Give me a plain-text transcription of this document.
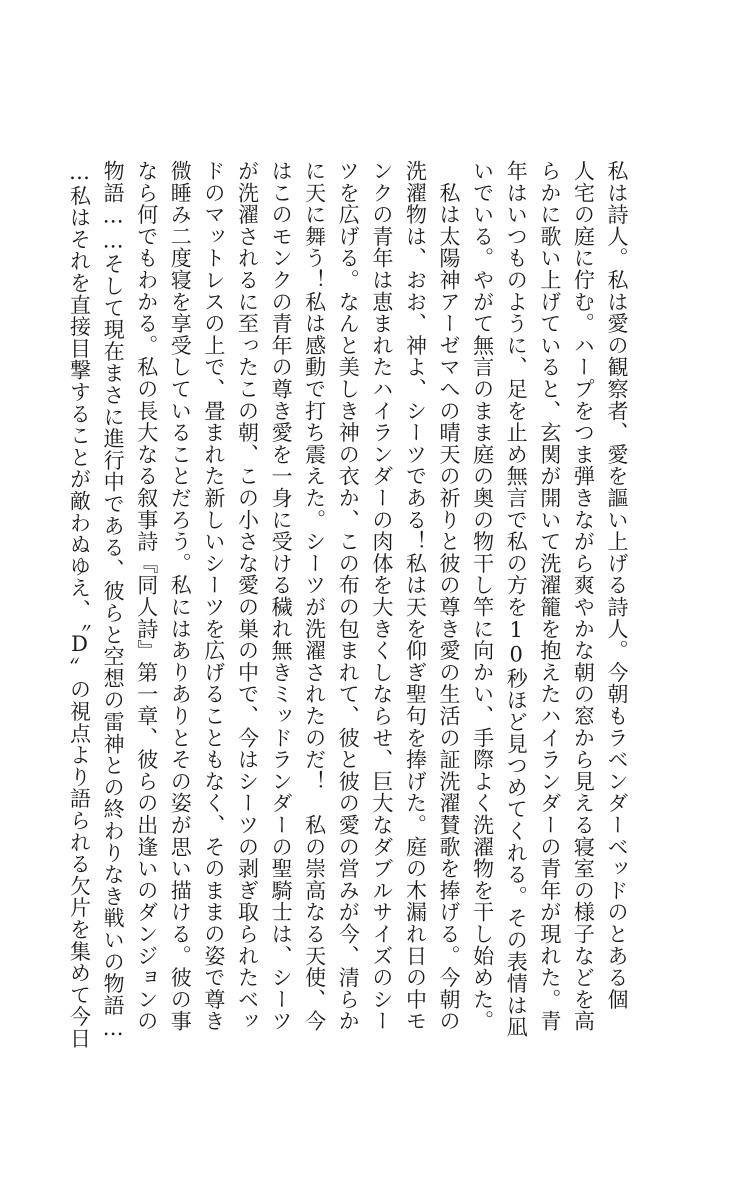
私は詩人。私は愛の観察者、愛を謳い上げる詩人。今朝もラベンダーベッドのとある個
人宅の庭に佇む。ハープをつま弾きながら爽やかな朝の窓から見える寝室の様子などを高
らかに歌い上げていると、玄関が開いて洗濯籠を抱えたハイランダーの青年が現れた。青
年はいつものように、足を止め無言で私の方を10秒ほど見つめてくれる。その表情は凪
いでいる。やがて無言のまま庭の奥の物干し竿に向かい、手際よく洗濯物を干し始めた。
　私は太陽神アーゼマへの晴天の祈りと彼の尊き愛の生活の証洗濯賛歌を捧げる。今朝の
洗濯物は、おお、神よ、シーツである！私は天を仰ぎ聖句を捧げた。庭の木漏れ日の中モ
ンクの青年は恵まれたハイランダーの肉体を大きくしならせ、巨大なダブルサイズのシー
ツを広げる。なんと美しき神の衣か、この布の包まれて、彼と彼の愛の営みが今、清らか
に天に舞う！私は感動で打ち震えた。シーツが洗濯されたのだ！　私の崇高なる天使、今
はこのモンクの青年の尊き愛を一身に受ける穢れ無きミッドランダーの聖騎士は、シーツ
が洗濯されるに至ったこの朝、この小さな愛の巣の中で、今はシーツの剥ぎ取られたベッ
ドのマットレスの上で、畳まれた新しいシーツを広げることもなく、そのままの姿で尊き
微睡み二度寝を享受していることだろう。私にはありありとその姿が思い描ける。彼の事
なら何でもわかる。私の長大なる叙事詩『同人詩』第一章、彼らの出逢いのダンジョンの
物語……そして現在まさに進行中である、彼らと空想の雷神との終わりなき戦いの物語…
…私はそれを直接目撃することが敵わぬゆえ、〝D〟の視点より語られる欠片を集めて今日
